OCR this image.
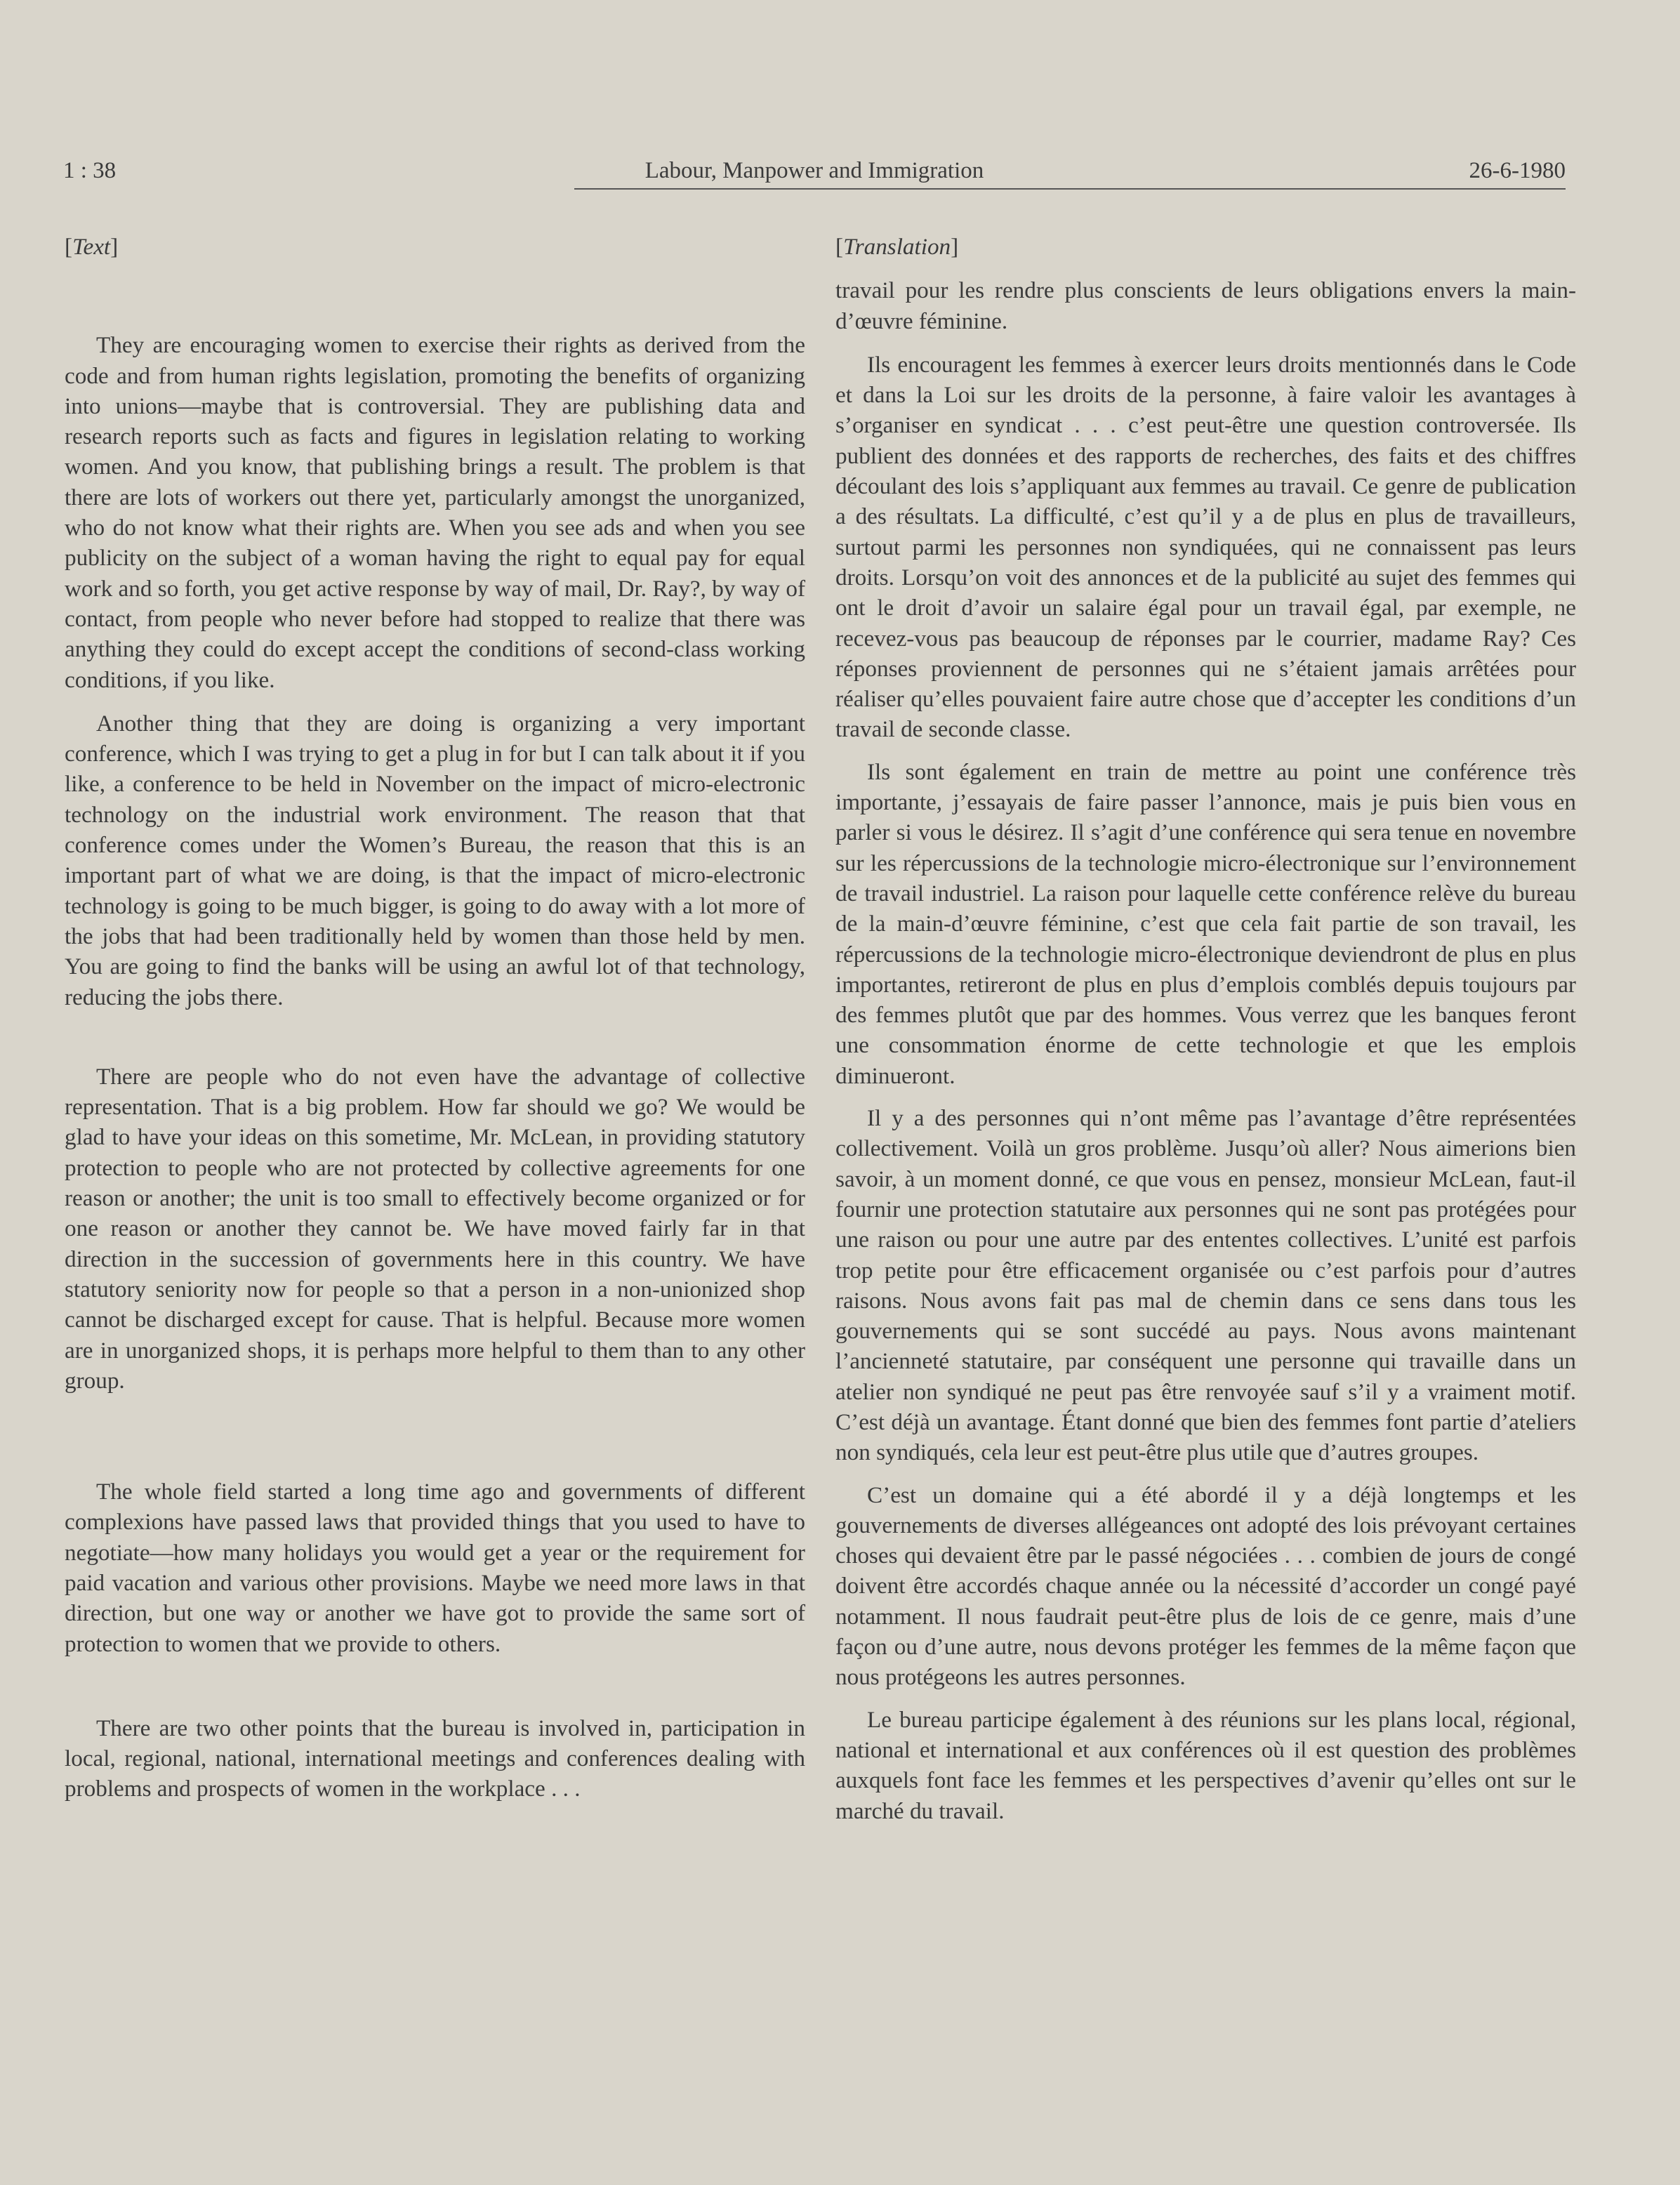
1 : 38	Labour, Manpower and Immigration	26-6-1980

[Text]

They are encouraging women to exercise their rights as derived from the code and from human rights legislation, promoting the benefits of organizing into unions—maybe that is controversial. They are publishing data and research reports such as facts and figures in legislation relating to working women. And you know, that publishing brings a result. The problem is that there are lots of workers out there yet, particularly amongst the unorganized, who do not know what their rights are. When you see ads and when you see publicity on the subject of a woman having the right to equal pay for equal work and so forth, you get active response by way of mail, Dr. Ray?, by way of contact, from people who never before had stopped to realize that there was anything they could do except accept the conditions of second-class working conditions, if you like.

Another thing that they are doing is organizing a very important conference, which I was trying to get a plug in for but I can talk about it if you like, a conference to be held in November on the impact of micro-electronic technology on the industrial work environment. The reason that that conference comes under the Women’s Bureau, the reason that this is an important part of what we are doing, is that the impact of micro-electronic technology is going to be much bigger, is going to do away with a lot more of the jobs that had been traditionally held by women than those held by men. You are going to find the banks will be using an awful lot of that technology, reducing the jobs there.

There are people who do not even have the advantage of collective representation. That is a big problem. How far should we go? We would be glad to have your ideas on this sometime, Mr. McLean, in providing statutory protection to people who are not protected by collective agreements for one reason or another; the unit is too small to effectively become organized or for one reason or another they cannot be. We have moved fairly far in that direction in the succession of governments here in this country. We have statutory seniority now for people so that a person in a non-unionized shop cannot be discharged except for cause. That is helpful. Because more women are in unorganized shops, it is perhaps more helpful to them than to any other group.

The whole field started a long time ago and governments of different complexions have passed laws that provided things that you used to have to negotiate—how many holidays you would get a year or the requirement for paid vacation and various other provisions. Maybe we need more laws in that direction, but one way or another we have got to provide the same sort of protection to women that we provide to others.

There are two other points that the bureau is involved in, participation in local, regional, national, international meetings and conferences dealing with problems and prospects of women in the workplace . . .

[Translation]

travail pour les rendre plus conscients de leurs obligations envers la main-d’œuvre féminine.

Ils encouragent les femmes à exercer leurs droits mentionnés dans le Code et dans la Loi sur les droits de la personne, à faire valoir les avantages à s’organiser en syndicat . . . c’est peut-être une question controversée. Ils publient des données et des rapports de recherches, des faits et des chiffres découlant des lois s’appliquant aux femmes au travail. Ce genre de publication a des résultats. La difficulté, c’est qu’il y a de plus en plus de travailleurs, surtout parmi les personnes non syndiquées, qui ne connaissent pas leurs droits. Lorsqu’on voit des annonces et de la publicité au sujet des femmes qui ont le droit d’avoir un salaire égal pour un travail égal, par exemple, ne recevez-vous pas beaucoup de réponses par le courrier, madame Ray? Ces réponses proviennent de personnes qui ne s’étaient jamais arrêtées pour réaliser qu’elles pouvaient faire autre chose que d’accepter les conditions d’un travail de seconde classe.

Ils sont également en train de mettre au point une conférence très importante, j’essayais de faire passer l’annonce, mais je puis bien vous en parler si vous le désirez. Il s’agit d’une conférence qui sera tenue en novembre sur les répercussions de la technologie micro-électronique sur l’environnement de travail industriel. La raison pour laquelle cette conférence relève du bureau de la main-d’œuvre féminine, c’est que cela fait partie de son travail, les répercussions de la technologie micro-électronique deviendront de plus en plus importantes, retireront de plus en plus d’emplois comblés depuis toujours par des femmes plutôt que par des hommes. Vous verrez que les banques feront une consommation énorme de cette technologie et que les emplois diminueront.

Il y a des personnes qui n’ont même pas l’avantage d’être représentées collectivement. Voilà un gros problème. Jusqu’où aller? Nous aimerions bien savoir, à un moment donné, ce que vous en pensez, monsieur McLean, faut-il fournir une protection statutaire aux personnes qui ne sont pas protégées pour une raison ou pour une autre par des ententes collectives. L’unité est parfois trop petite pour être efficacement organisée ou c’est parfois pour d’autres raisons. Nous avons fait pas mal de chemin dans ce sens dans tous les gouvernements qui se sont succédé au pays. Nous avons maintenant l’ancienneté statutaire, par conséquent une personne qui travaille dans un atelier non syndiqué ne peut pas être renvoyée sauf s’il y a vraiment motif. C’est déjà un avantage. Étant donné que bien des femmes font partie d’ateliers non syndiqués, cela leur est peut-être plus utile que d’autres groupes.

C’est un domaine qui a été abordé il y a déjà longtemps et les gouvernements de diverses allégeances ont adopté des lois prévoyant certaines choses qui devaient être par le passé négociées . . . combien de jours de congé doivent être accordés chaque année ou la nécessité d’accorder un congé payé notamment. Il nous faudrait peut-être plus de lois de ce genre, mais d’une façon ou d’une autre, nous devons protéger les femmes de la même façon que nous protégeons les autres personnes.

Le bureau participe également à des réunions sur les plans local, régional, national et international et aux conférences où il est question des problèmes auxquels font face les femmes et les perspectives d’avenir qu’elles ont sur le marché du travail.
